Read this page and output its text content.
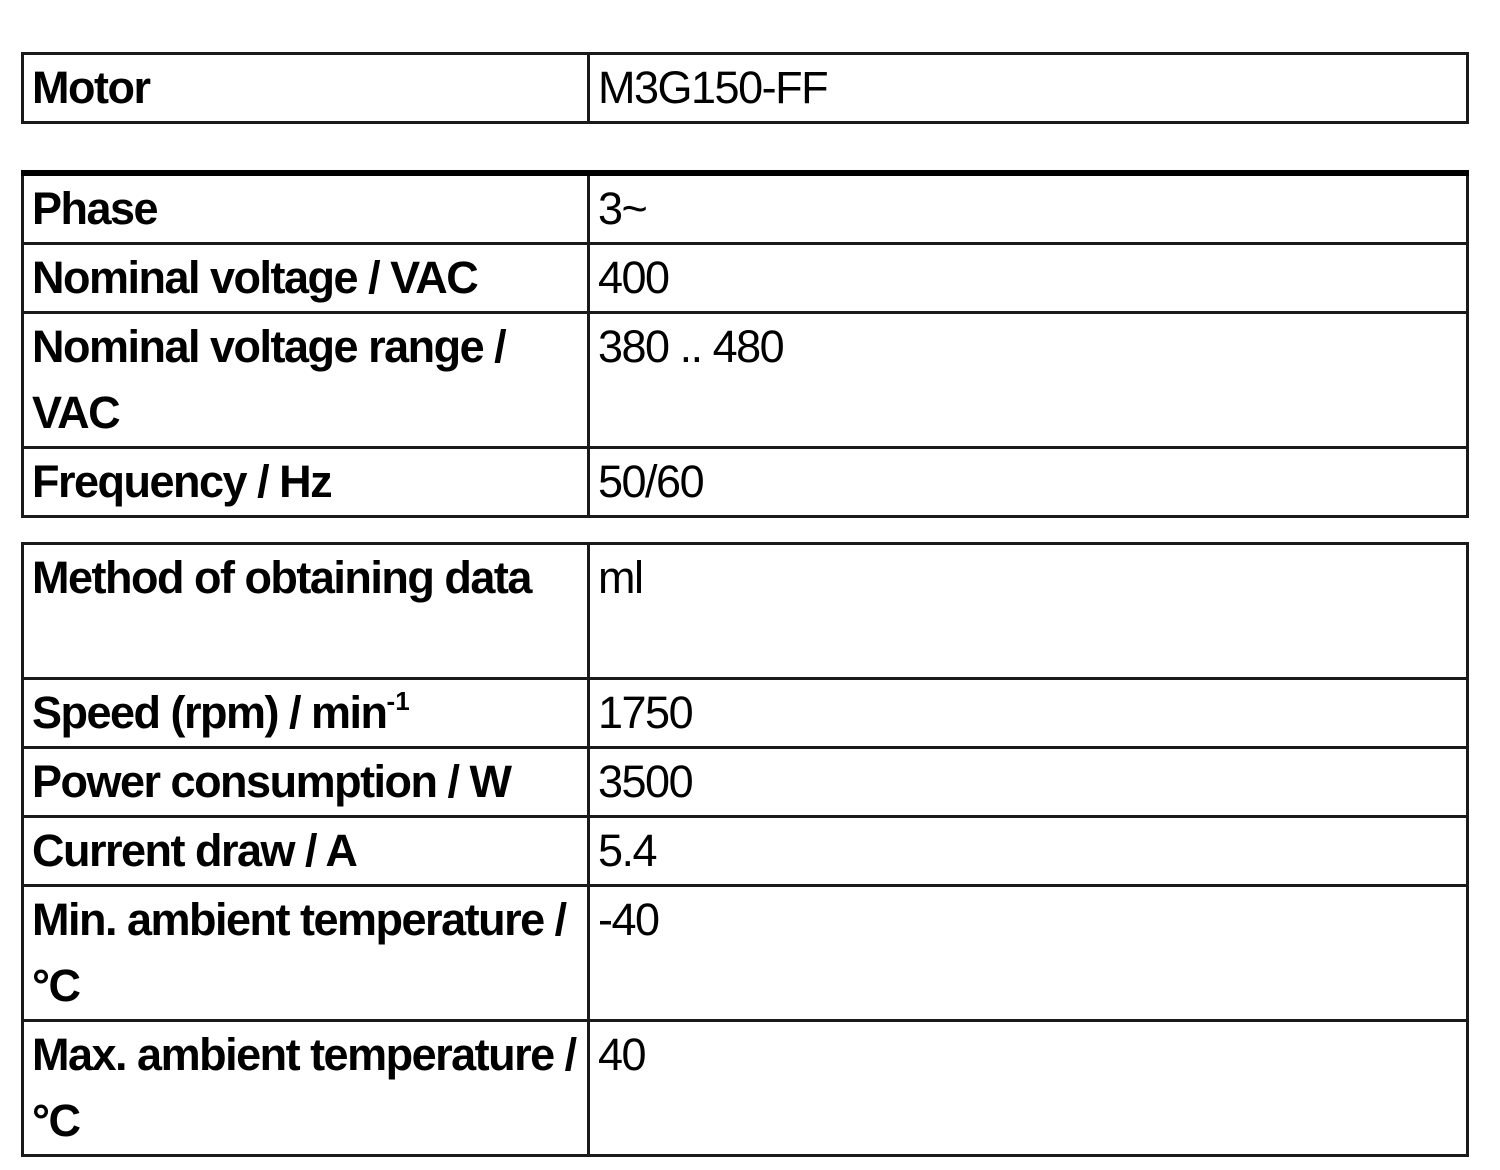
Motor	M3G150-FF
Phase	3~
Nominal voltage / VAC	400
Nominal voltage range / VAC	380 .. 480
Frequency / Hz	50/60
Method of obtaining data	ml
Speed $(rpm) / \min^{-1}$	1750
Power consumption / W	3500
Current draw / A	5.4
Min. ambient temperature / °C	-40
Max. ambient temperature / °C	40
